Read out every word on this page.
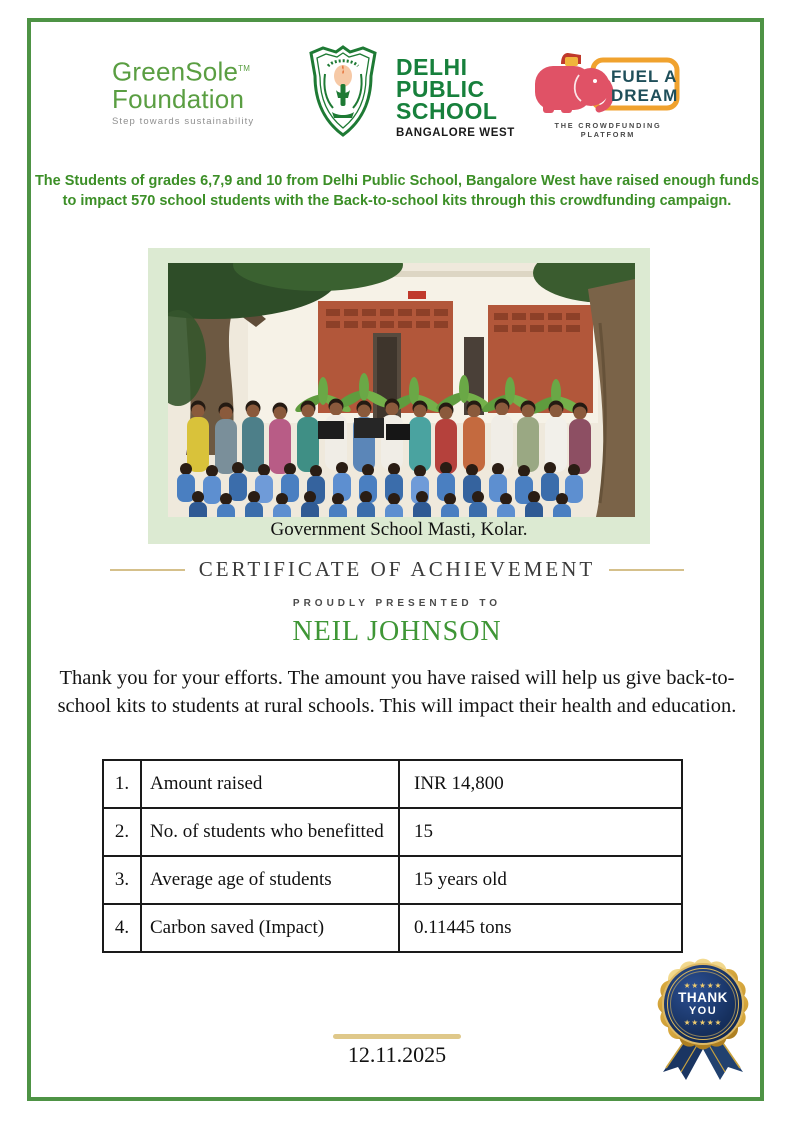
GreenSole™
Foundation
Step towards sustainability
DELHI
PUBLIC
SCHOOL
BANGALORE WEST
FUEL A
DREAM
THE CROWDFUNDING PLATFORM
The Students of grades 6,7,9 and 10 from Delhi Public School, Bangalore West have raised enough funds
to impact 570 school students with the Back-to-school kits through this crowdfunding campaign.
Government School Masti, Kolar.
CERTIFICATE OF ACHIEVEMENT
PROUDLY PRESENTED TO
NEIL JOHNSON
Thank you for your efforts. The amount you have raised will help us give back-to-school kits to students at rural schools. This will impact their health and education.
1.	Amount raised	INR 14,800
2.	No. of students who benefitted	15
3.	Average age of students	15 years old
4.	Carbon saved (Impact)	0.11445 tons
★★★★★
THANK
YOU
★★★★★
12.11.2025
